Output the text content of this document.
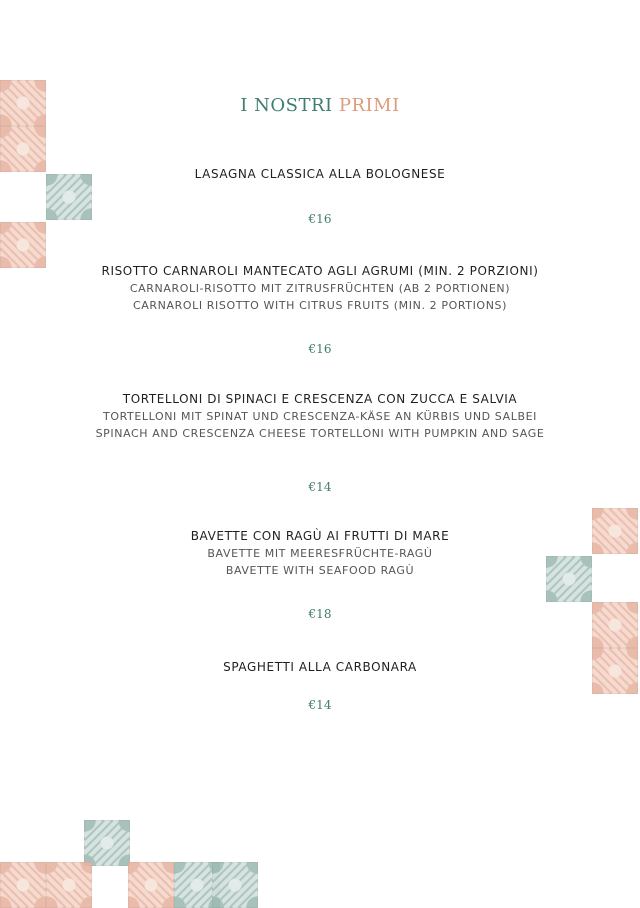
I NOSTRI PRIMI
LASAGNA CLASSICA ALLA BOLOGNESE
€16
RISOTTO CARNAROLI MANTECATO AGLI AGRUMI (MIN. 2 PORZIONI)
CARNAROLI-RISOTTO MIT ZITRUSFRÜCHTEN (AB 2 PORTIONEN)
CARNAROLI RISOTTO WITH CITRUS FRUITS (MIN. 2 PORTIONS)
€16
TORTELLONI DI SPINACI E CRESCENZA CON ZUCCA E SALVIA
TORTELLONI MIT SPINAT UND CRESCENZA-KÄSE AN KÜRBIS UND SALBEI
SPINACH AND CRESCENZA CHEESE TORTELLONI WITH PUMPKIN AND SAGE
€14
BAVETTE CON RAGÙ AI FRUTTI DI MARE
BAVETTE MIT MEERESFRÜCHTE-RAGÙ
BAVETTE WITH SEAFOOD RAGÙ
€18
SPAGHETTI ALLA CARBONARA
€14
